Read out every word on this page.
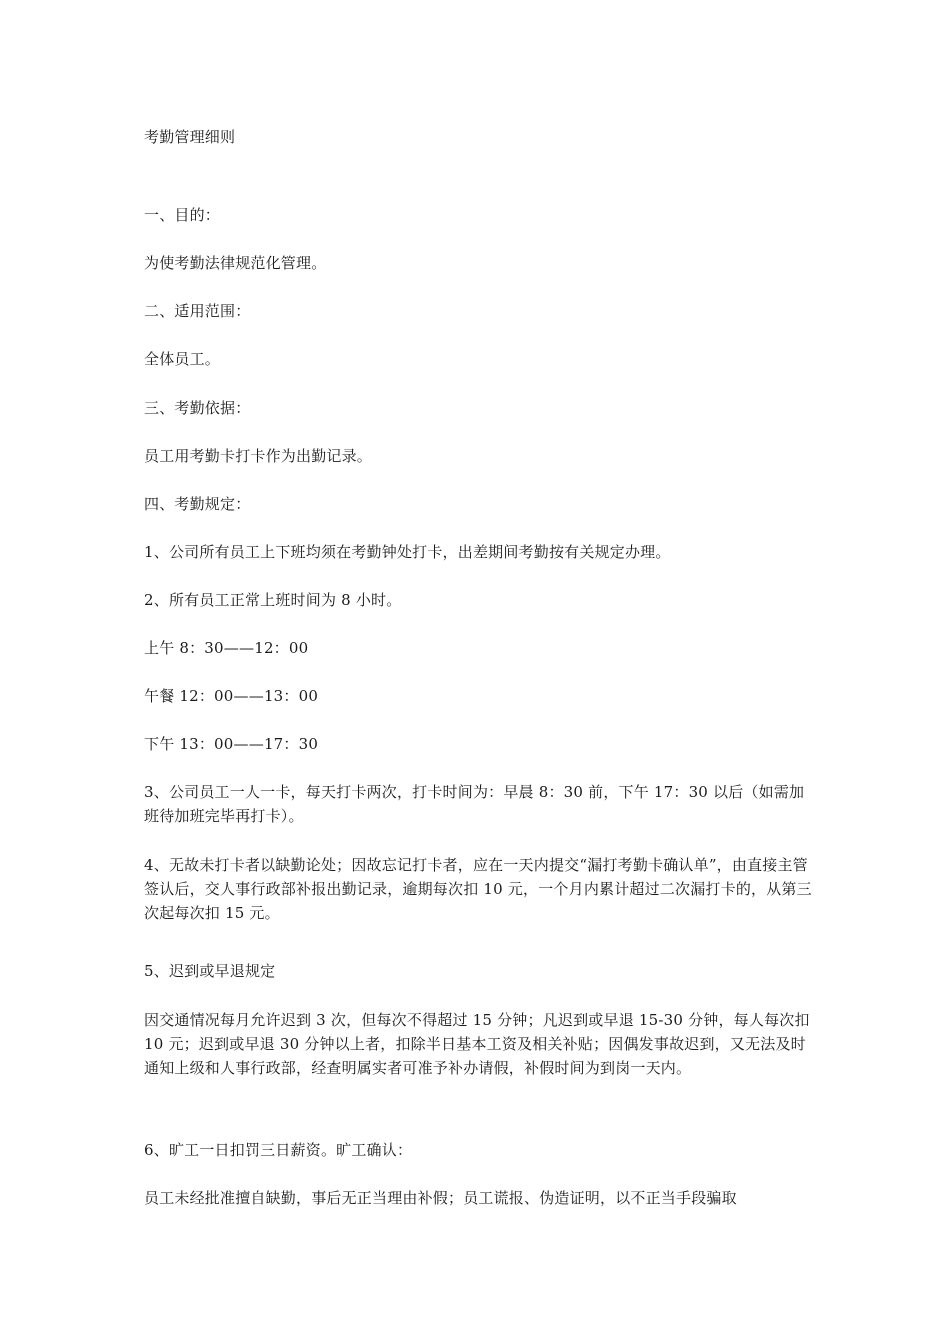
考勤管理细则
一、目的：
为使考勤法律规范化管理。
二、适用范围：
全体员工。
三、考勤依据：
员工用考勤卡打卡作为出勤记录。
四、考勤规定：
1、公司所有员工上下班均须在考勤钟处打卡，出差期间考勤按有关规定办理。
2、所有员工正常上班时间为 8 小时。
上午 8：30——12：00
午餐 12：00——13：00
下午 13：00——17：30
3、公司员工一人一卡，每天打卡两次，打卡时间为：早晨 8：30 前，下午 17：30 以后（如需加班待加班完毕再打卡）。
4、无故未打卡者以缺勤论处；因故忘记打卡者，应在一天内提交“漏打考勤卡确认单”，由直接主管签认后，交人事行政部补报出勤记录，逾期每次扣 10 元，一个月内累计超过二次漏打卡的，从第三次起每次扣 15 元。
5、迟到或早退规定
因交通情况每月允许迟到 3 次，但每次不得超过 15 分钟；凡迟到或早退 15-30 分钟，每人每次扣 10 元；迟到或早退 30 分钟以上者，扣除半日基本工资及相关补贴；因偶发事故迟到，又无法及时通知上级和人事行政部，经查明属实者可准予补办请假，补假时间为到岗一天内。
6、旷工一日扣罚三日薪资。旷工确认：
员工未经批准擅自缺勤，事后无正当理由补假；员工谎报、伪造证明，以不正当手段骗取
